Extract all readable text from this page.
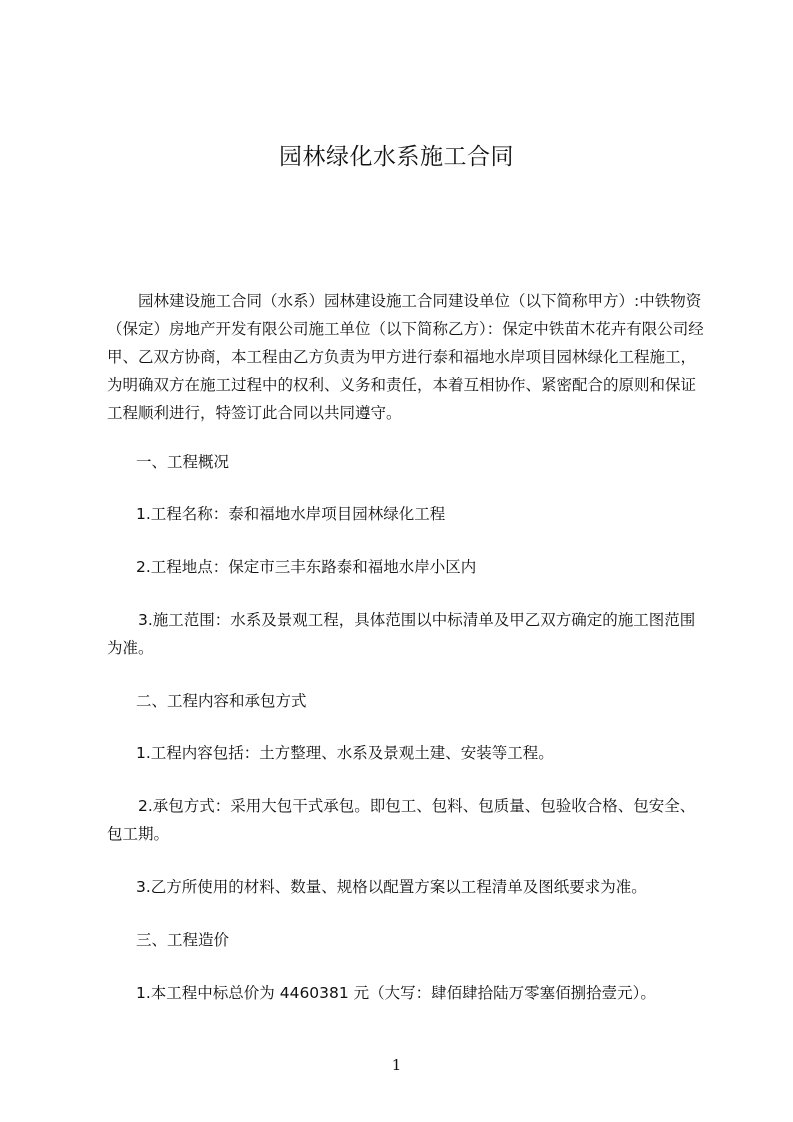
园林绿化水系施工合同

园林建设施工合同（水系）园林建设施工合同建设单位（以下简称甲方）:中铁物资（保定）房地产开发有限公司施工单位（以下简称乙方）：保定中铁苗木花卉有限公司经甲、乙双方协商，本工程由乙方负责为甲方进行泰和福地水岸项目园林绿化工程施工，为明确双方在施工过程中的权利、义务和责任，本着互相协作、紧密配合的原则和保证工程顺利进行，特签订此合同以共同遵守。

一、工程概况

1.工程名称：泰和福地水岸项目园林绿化工程

2.工程地点：保定市三丰东路泰和福地水岸小区内

3.施工范围：水系及景观工程，具体范围以中标清单及甲乙双方确定的施工图范围为准。

二、工程内容和承包方式

1.工程内容包括：土方整理、水系及景观土建、安装等工程。

2.承包方式：采用大包干式承包。即包工、包料、包质量、包验收合格、包安全、包工期。

3.乙方所使用的材料、数量、规格以配置方案以工程清单及图纸要求为准。

三、工程造价

1.本工程中标总价为 4460381 元（大写：肆佰肆拾陆万零塞佰捌拾壹元）。

1
